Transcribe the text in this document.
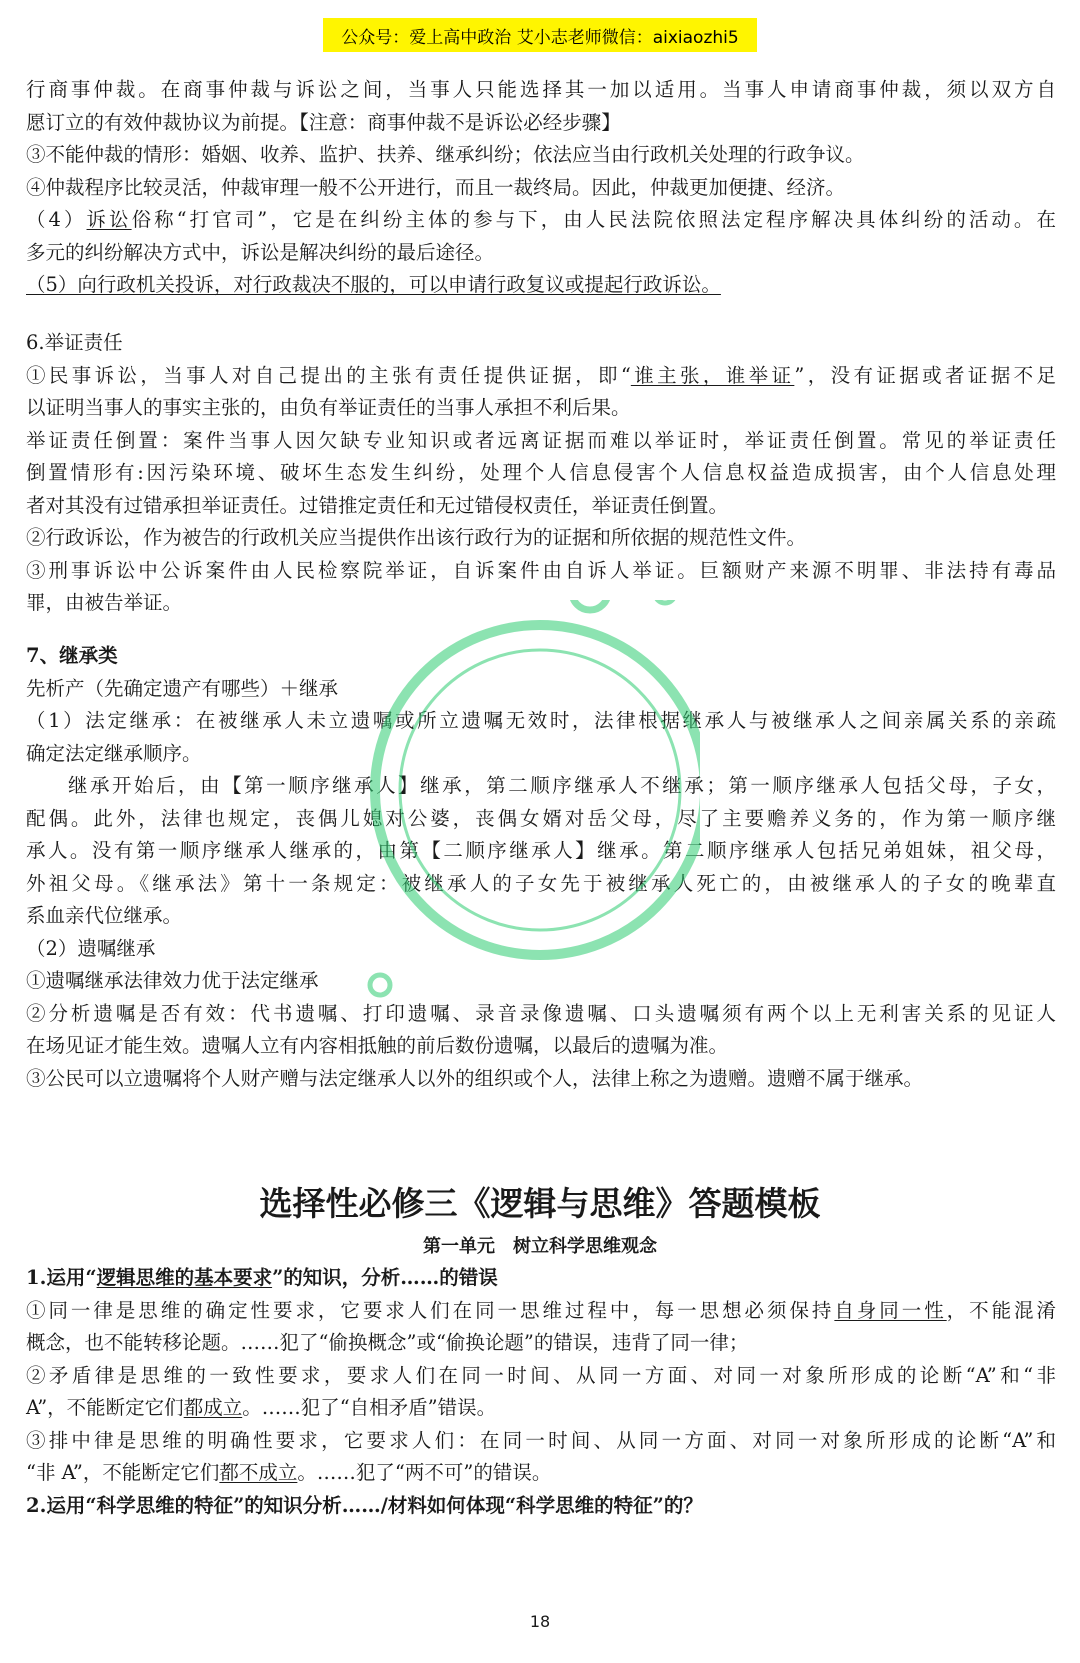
公众号：爱上高中政治 艾小志老师微信：aixiaozhi5
行商事仲裁。在商事仲裁与诉讼之间，当事人只能选择其一加以适用。当事人申请商事仲裁，须以双方自
愿订立的有效仲裁协议为前提。【注意：商事仲裁不是诉讼必经步骤】
③不能仲裁的情形：婚姻、收养、监护、扶养、继承纠纷；依法应当由行政机关处理的行政争议。
④仲裁程序比较灵活，仲裁审理一般不公开进行，而且一裁终局。因此，仲裁更加便捷、经济。
（4）诉讼俗称“打官司”，它是在纠纷主体的参与下，由人民法院依照法定程序解决具体纠纷的活动。在
多元的纠纷解决方式中，诉讼是解决纠纷的最后途径。
（5）向行政机关投诉，对行政裁决不服的，可以申请行政复议或提起行政诉讼。
6.举证责任
①民事诉讼，当事人对自己提出的主张有责任提供证据，即“谁主张，谁举证”，没有证据或者证据不足
以证明当事人的事实主张的，由负有举证责任的当事人承担不利后果。
举证责任倒置：案件当事人因欠缺专业知识或者远离证据而难以举证时，举证责任倒置。常见的举证责任
倒置情形有:因污染环境、破坏生态发生纠纷，处理个人信息侵害个人信息权益造成损害，由个人信息处理
者对其没有过错承担举证责任。过错推定责任和无过错侵权责任，举证责任倒置。
②行政诉讼，作为被告的行政机关应当提供作出该行政行为的证据和所依据的规范性文件。
③刑事诉讼中公诉案件由人民检察院举证，自诉案件由自诉人举证。巨额财产来源不明罪、非法持有毒品
罪，由被告举证。
7、继承类
先析产（先确定遗产有哪些）＋继承
（1）法定继承：在被继承人未立遗嘱或所立遗嘱无效时，法律根据继承人与被继承人之间亲属关系的亲疏
确定法定继承顺序。
继承开始后，由【第一顺序继承人】继承，第二顺序继承人不继承；第一顺序继承人包括父母，子女，
配偶。此外，法律也规定，丧偶儿媳对公婆，丧偶女婿对岳父母，尽了主要赡养义务的，作为第一顺序继
承人。没有第一顺序继承人继承的，由第【二顺序继承人】继承。第二顺序继承人包括兄弟姐妹，祖父母，
外祖父母。《继承法》第十一条规定：被继承人的子女先于被继承人死亡的，由被继承人的子女的晚辈直
系血亲代位继承。
（2）遗嘱继承
①遗嘱继承法律效力优于法定继承
②分析遗嘱是否有效：代书遗嘱、打印遗嘱、录音录像遗嘱、口头遗嘱须有两个以上无利害关系的见证人
在场见证才能生效。遗嘱人立有内容相抵触的前后数份遗嘱，以最后的遗嘱为准。
③公民可以立遗嘱将个人财产赠与法定继承人以外的组织或个人，法律上称之为遗赠。遗赠不属于继承。
选择性必修三《逻辑与思维》答题模板
第一单元　树立科学思维观念
1.运用“逻辑思维的基本要求”的知识，分析……的错误
①同一律是思维的确定性要求，它要求人们在同一思维过程中，每一思想必须保持自身同一性，不能混淆
概念，也不能转移论题。……犯了“偷换概念”或“偷换论题”的错误，违背了同一律；
②矛盾律是思维的一致性要求，要求人们在同一时间、从同一方面、对同一对象所形成的论断“A”和“非
A”，不能断定它们都成立。……犯了“自相矛盾”错误。
③排中律是思维的明确性要求，它要求人们：在同一时间、从同一方面、对同一对象所形成的论断“A”和
“非 A”，不能断定它们都不成立。……犯了“两不可”的错误。
2.运用“科学思维的特征”的知识分析……/材料如何体现“科学思维的特征”的？
18
